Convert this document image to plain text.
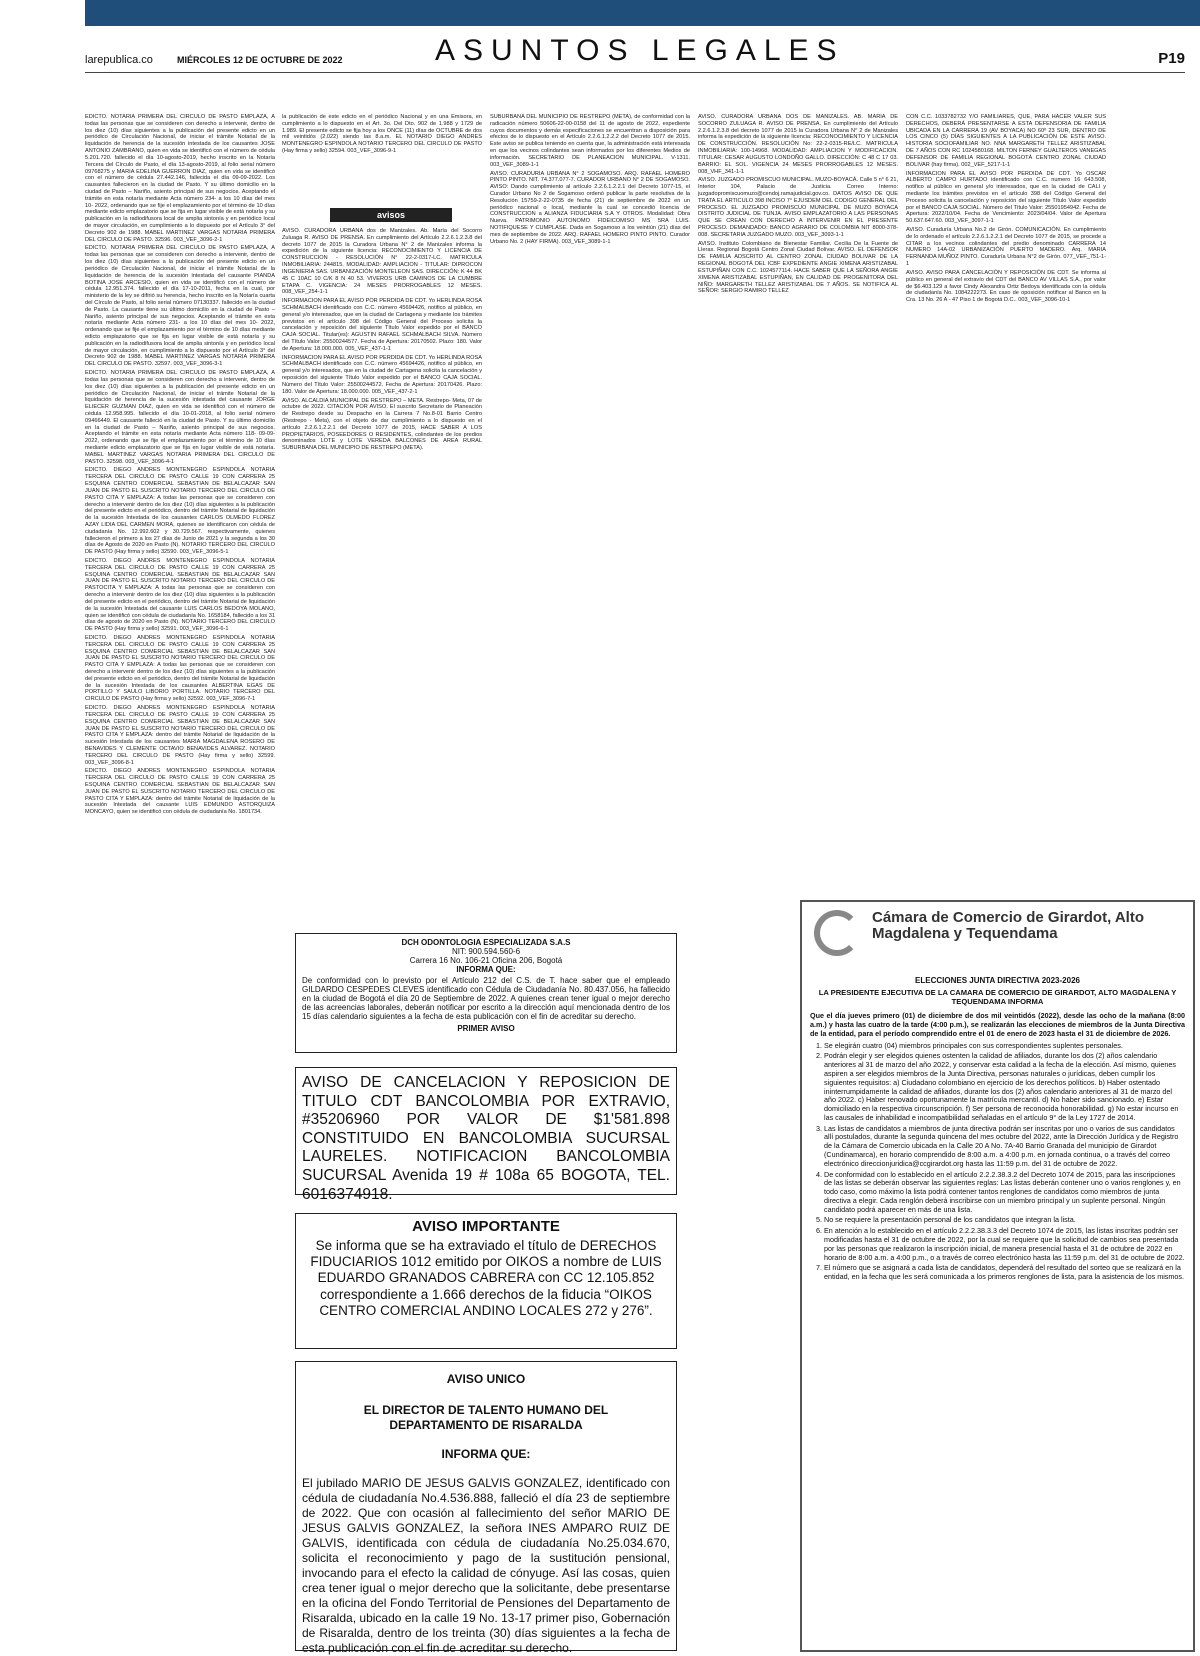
larepublica.co	MIÉRCOLES 12 DE OCTUBRE DE 2022	ASUNTOS LEGALES	P19

EDICTO. NOTARIA PRIMERA DEL CIRCULO DE PASTO EMPLAZA, A todas las personas que se consideren con derecho a intervenir, dentro de los diez (10) días siguientes a la publicación del presente edicto en un periódico de Circulación Nacional, de iniciar el trámite Notarial de la liquidación de herencia de la sucesión intestada de los causantes JOSE ANTONIO ZAMBRANO, quien en vida se identificó con el número de cédula 5.201.720. fallecido el día 10-agosto-2019, hecho inscrito en la Notaría Tercera del Círculo de Pasto, el día 13-agosto-2019, al folio serial número 09768275 y MARIA EDELINA GUERRON DIAZ, quien en vida se identificó con el número de cédula 27.442.146, fallecida el día 09-09-2022. Los causantes fallecieron en la ciudad de Pasto. Y su último domicilio en la ciudad de Pasto – Nariño, asiento principal de sus negocios. Aceptando el trámite en esta notaría mediante Acta número 234- a los 10 días del mes 10- 2022, ordenando que se fije el emplazamiento por el término de 10 días mediante edicto emplazatorio que se fija en lugar visible de está notaría y su publicación en la radiodifusora local de amplia sintonía y en periódico local de mayor circulación, en cumplimiento a lo dispuesto por el Artículo 3° del Decreto 902 de 1988. MABEL MARTINEZ VARGAS NOTARIA PRIMERA DEL CIRCULO DE PASTO. 32596. 003_VEF_3096-2-1

EDICTO. NOTARIA PRIMERA DEL CIRCULO DE PASTO EMPLAZA, A todas las personas que se consideren con derecho a intervenir, dentro de los diez (10) días siguientes a la publicación del presente edicto en un periódico de Circulación Nacional, de iniciar el trámite Notarial de la liquidación de herencia de la sucesión intestada del causante PIANDA BOTINA JOSE ARCESIO, quien en vida se identificó con el número de cédula 12.951.374. fallecido el día 17-10-2011, fecha en la cual, por ministerio de la ley se difirió su herencia, hecho inscrito en la Notaría cuarta del Círculo de Pasto, al folio serial número 07130337. fallecido en la ciudad de Pasto. La causante tiene su último domicilio en la ciudad de Pasto – Nariño, asiento principal de sus negocios. Aceptando el trámite en esta notaría mediante Acta número 231- a los 10 días del mes 10- 2022, ordenando que se fije el emplazamiento por el término de 10 días mediante edicto emplazatorio que se fija en lugar visible de está notaría y su publicación en la radiodifusora local de amplia sintonía y en periódico local de mayor circulación, en cumplimiento a lo dispuesto por el Artículo 3° del Decreto 902 de 1988. MABEL MARTINEZ VARGAS NOTARIA PRIMERA DEL CIRCULO DE PASTO. 32597. 003_VEF_3096-3-1

EDICTO. NOTARIA PRIMERA DEL CIRCULO DE PASTO EMPLAZA, A todas las personas que se consideren con derecho a intervenir, dentro de los diez (10) días siguientes a la publicación del presente edicto en un periódico de Circulación Nacional, de iniciar el trámite Notarial de la liquidación de herencia de la sucesión intestada del causante JORGE ELIECER GUZMAN DIAZ, quien en vida se identificó con el número de cédula 12.958.995. fallecido el día 10-01-2018, al folio serial número 09466449. El causante falleció en la ciudad de Pasto. Y su último domicilio en la ciudad de Pasto – Nariño, asiento principal de sus negocios. Aceptando el trámite en esta notaría mediante Acta número 118- 09-09-2022, ordenando que se fije el emplazamiento por el término de 10 días mediante edicto emplazatorio que se fija en lugar visible de está notaría. MABEL MARTINEZ VARGAS NOTARIA PRIMERA DEL CIRCULO DE PASTO. 32598. 003_VEF_3096-4-1

EDICTO. DIEGO ANDRES MONTENEGRO ESPINDOLA NOTARIA TERCERA DEL CIRCULO DE PASTO CALLE 19 CON CARRERA 25 ESQUINA CENTRO COMERCIAL SEBASTIAN DE BELALCAZAR SAN JUAN DE PASTO EL SUSCRITO NOTARIO TERCERO DEL CIRCULO DE PASTO CITA Y EMPLAZA: A todas las personas que se consideren con derecho a intervenir dentro de los diez (10) días siguientes a la publicación del presente edicto en el periódico, dentro del trámite Notarial de liquidación de la sucesión Intestada de los causantes CARLOS OLMEDO FLOREZ AZAY LIDIA DEL CARMEN MORA, quienes se identificaron con cédula de ciudadanía No. 12.992.602 y 30.729.567. respectivamente, quienes fallecieron el primero a los 27 días de Junio de 2021 y la segunda a los 30 días de Agosto de 2020 en Pasto (N). NOTARIO TERCERO DEL CIRCULO DE PASTO (Hay firma y sello) 32590. 003_VEF_3096-5-1

EDICTO. DIEGO ANDRES MONTENEGRO ESPINDOLA NOTARIA TERCERA DEL CIRCULO DE PASTO CALLE 19 CON CARRERA 25 ESQUINA CENTRO COMERCIAL SEBASTIAN DE BELALCAZAR SAN JUAN DE PASTO EL SUSCRITO NOTARIO TERCERO DEL CIRCULO DE PASTOCITA Y EMPLAZA: A todas las personas que se consideren con derecho a intervenir dentro de los diez (10) días siguientes a la publicación del presente edicto en el periódico, dentro del trámite Notarial de liquidación de la sucesión Intestada del causante LUIS CARLOS BEDOYA MOLANO, quien se identificó con cédula de ciudadanía No. 1658184, fallecido a los 31 días de agosto de 2020 en Pasto (N). NOTARIO TERCERO DEL CIRCULO DE PASTO (Hay firma y sello) 32591. 003_VEF_3096-6-1

EDICTO. DIEGO ANDRES MONTENEGRO ESPINDOLA NOTARIA TERCERA DEL CIRCULO DE PASTO CALLE 19 CON CARRERA 25 ESQUINA CENTRO COMERCIAL SEBASTIAN DE BELALCAZAR SAN JUAN DE PASTO EL SUSCRITO NOTARIO TERCERO DEL CIRCULO DE PASTO CITA Y EMPLAZA: A todas las personas que se consideren con derecho a intervenir dentro de los diez (10) días siguientes a la publicación del presente edicto en el periódico, dentro del trámite Notarial de liquidación de la sucesión Intestada de los causantes ALBERTINA EGAS DE PORTILLO Y SAULO LIBORIO PORTILLA. NOTARIO TERCERO DEL CIRCULO DE PASTO (Hay firma y sello) 32592. 003_VEF_3096-7-1

EDICTO. DIEGO ANDRES MONTENEGRO ESPINDOLA NOTARIA TERCERA DEL CIRCULO DE PASTO CALLE 19 CON CARRERA 25 ESQUINA CENTRO COMERCIAL SEBASTIAN DE BELALCAZAR SAN JUAN DE PASTO EL SUSCRITO NOTARIO TERCERO DEL CIRCULO DE PASTO CITA Y EMPLAZA: dentro del trámite Notarial de liquidación de la sucesión Intestada de los causantes MARIA MAGDALENA ROSERO DE BENAVIDES Y CLEMENTE OCTAVIO BENAVIDES ALVAREZ. NOTARIO TERCERO DEL CIRCULO DE PASTO (Hay firma y sello) 32599. 003_VEF_3096-8-1

EDICTO. DIEGO ANDRES MONTENEGRO ESPINDOLA NOTARIA TERCERA DEL CIRCULO DE PASTO CALLE 19 CON CARRERA 25 ESQUINA CENTRO COMERCIAL SEBASTIAN DE BELALCAZAR SAN JUAN DE PASTO EL SUSCRITO NOTARIO TERCERO DEL CIRCULO DE PASTO CITA Y EMPLAZA: dentro del trámite Notarial de liquidación de la sucesión Intestada del causante LUIS EDMUNDO ASTORQUIZA MONCAYO, quien se identificó con cédula de ciudadanía No. 1801734.

la publicación de este edicto en el periódico Nacional y en una Emisora, en cumplimiento a lo dispuesto en el Art. 3o. Del Dto. 902 de 1.988 y 1729 de 1.989. El presente edicto se fija hoy a los ONCE (11) días de OCTUBRE de dos mil veintidós (2.022) siendo las 8.a.m. EL NOTARIO DIEGO ANDRES MONTENEGRO ESPINDOLA NOTARIO TERCERO DEL CIRCULO DE PASTO (Hay firma y sello) 32594. 003_VEF_3096-9-1

avisos

AVISO. CURADORA URBANA dos de Manizales. Ab. María del Socorro Zuluaga R. AVISO DE PRENSA. En cumplimiento del Artículo 2.2.6.1.2.3.8 del decreto 1077 de 2015 la Curadora Urbana N° 2 de Manizales informa la expedición de la siguiente licencia: RECONOCIMIENTO Y LICENCIA DE CONSTRUCCION - RESOLUCIÓN N° 22-2-0317-LC. MATRICULA INMOBILIARIA: 244815. MODALIDAD: AMPLIACION - TITULAR: DIPROCON INGENIERIA SAS. URBANIZACIÓN MONTELEON SAS. DIRECCIÓN: K 44 BK 45 C 10AC 10 C/K 8 N 40 53. VIVEROS URB CAMINOS DE LA CUMBRE ETAPA C. VIGENCIA: 24 MESES PRORROGABLES 12 MESES. 008_VEF_254-1-1

INFORMACION PARA EL AVISO POR PERDIDA DE CDT. Yo HERLINDA ROSA SCHMALBACH identificado con C.C. número 45694426, notifico al público, en general y/o interesados, que en la ciudad de Cartagena y mediante los trámites previstos en el artículo 398 del Código General del Proceso solicita la cancelación y reposición del siguiente Título Valor expedido por el BANCO CAJA SOCIAL. Titular(es): AGUSTIN RAFAEL SCHMALBACH SILVA. Número del Título Valor: 25500244577. Fecha de Apertura: 20170502. Plazo: 180. Valor de Apertura: 18.000.000. 005_VEF_437-1-1

INFORMACION PARA EL AVISO POR PERDIDA DE CDT. Yo HERLINDA ROSA SCHMALBACH identificado con C.C. número 45694426, notifico al público, en general y/o interesados, que en la ciudad de Cartagena solicita la cancelación y reposición del siguiente Título Valor expedido por el BANCO CAJA SOCIAL. Número del Título Valor: 25500244572. Fecha de Apertura: 20170426. Plazo: 180. Valor de Apertura: 18.000.000. 005_VEF_437-2-1

AVISO. ALCALDIA MUNICIPAL DE RESTREPO – META. Restrepo- Meta, 07 de octubre de 2022. CITACIÓN POR AVISO. El suscrito Secretario de Planeación de Restrepo desde su Despacho en la Carrera 7 No.8-01 Barrio Centro (Restrepo - Meta), con el objeto de dar cumplimiento a lo dispuesto en el artículo 2.2.6.1.2.2.1 del Decreto 1077 de 2015, HACE SABER A LOS PROPIETARIOS, POSEEDORES O RESIDENTES, colindantes de los predios denominados LOTE y LOTE VEREDA BALCONES DE AREA RURAL SUBURBANA DEL MUNICIPIO DE RESTREPO (META).

SUBURBANA DEL MUNICIPIO DE RESTREPO (META), de conformidad con la radicación número 50606-22-00-0158 del 11 de agosto de 2022, expediente cuyos documentos y demás especificaciones se encuentran a disposición para efectos de lo dispuesto en el Artículo 2.2.6.1.2.2.2 del Decreto 1077 de 2015. Este aviso se publica teniendo en cuenta que, la administración está interesada en que los vecinos colindantes sean informados por los diferentes Medios de información. SECRETARIO DE PLANEACION MUNICIPAL. V-1311. 003_VEF_3089-1-1

AVISO. CURADURIA URBANA N° 2 SOGAMOSO. ARQ. RAFAEL HOMERO PINTO PINTO. NIT. 74.377.077-7. CURADOR URBANO N° 2 DE SOGAMOSO. AVISO: Dando cumplimiento al artículo 2.2.6.1.2.2.1 del Decreto 1077-15, el Curador Urbano No 2 de Sogamoso ordenó publicar la parte resolutiva de la Resolución 15759-2-22-0735 de fecha (21) de septiembre de 2022 en un periódico nacional o local, mediante la cual se concedió licencia de CONSTRUCCION a ALIANZA FIDUCIARIA S.A Y OTROS. Modalidad: Obra Nueva. PATRIMONIO AUTONOMO FIDEICOMISO MS 5RA LUIS. NOTIFIQUESE Y CUMPLASE. Dada en Sogamoso a los veintiún (21) días del mes de septiembre de 2022. ARQ. RAFAEL HOMERO PINTO PINTO. Curador Urbano No. 2 (HAY FIRMA). 003_VEF_3089-1-1

AVISO. CURADORA URBANA DOS DE MANIZALES. AB. MARIA DE SOCORRO ZULUAGA R. AVISO DE PRENSA. En cumplimiento del Artículo 2.2.6.1.2.3.8 del decreto 1077 de 2015 la Curadora Urbana N° 2 de Manizales informa la expedición de la siguiente licencia: RECONOCIMIENTO Y LICENCIA DE CONSTRUCCIÓN. RESOLUCIÓN No: 22-2-0315-RE/LC. MATRICULA INMOBILIARIA: 100-14968. MODALIDAD: AMPLIACION Y MODIFICACION. TITULAR: CESAR AUGUSTO LONDOÑO GALLO. DIRECCIÓN: C 48 C 17 03. BARRIO: EL SOL. VIGENCIA 24 MESES PRORROGABLES 12 MESES. 008_VHF_341-1-1

AVISO. JUZGADO PROMISCUO MUNICIPAL. MUZO-BOYACÁ. Calle 5 n° 6 21, Interior 104, Palacio de Justicia. Correo Interno: juzgadopromiscuomuzo@cendoj.ramajudicial.gov.co. DATOS AVISO DE QUE TRATA EL ARTICULO 398 INCISO 7° EJUSDEM DEL CODIGO GENERAL DEL PROCESO. EL JUZGADO PROMISCUO MUNICIPAL DE MUZO BOYACA DISTRITO JUDICIAL DE TUNJA. AVISO EMPLAZATORIO A LAS PERSONAS QUE SE CREAN CON DERECHO A INTERVENIR EN EL PRESENTE PROCESO. DEMANDADO: BANCO AGRARIO DE COLOMBIA NIT 8000-378-008. SECRETARIA JUZGADO MUZO. 003_VEF_3093-1-1

AVISO. Instituto Colombiano de Bienestar Familiar. Cecilia De la Fuente de Lleras. Regional Bogotá Centro Zonal Ciudad Bolívar. AVISO. EL DEFENSOR DE FAMILIA ADSCRITO AL CENTRO ZONAL CIUDAD BOLIVAR DE LA REGIONAL BOGOTÁ DEL ICBF EXPEDIENTE ANGIE XIMENA ARISTIZABAL ESTUPIÑAN CON C.C. 1024577114. HACE SABER QUE LA SEÑORA ANGIE XIMENA ARISTIZABAL ESTUPIÑAN, EN CALIDAD DE PROGENITORA DEL NIÑO: MARGARETH TELLEZ ARISTIZABAL DE 7 AÑOS. SE NOTIFICA AL SEÑOR: SERGIO RAMIRO TELLEZ

CON C.C. 1033782732 Y/O FAMILIARES, QUE, PARA HACER VALER SUS DERECHOS, DEBERÁ PRESENTARSE A ESTA DEFENSORIA DE FAMILIA UBICADA EN LA CARRERA 19 (AV BOYACA) NO 60º 23 SUR, DENTRO DE LOS CINCO (5) DÍAS SIGUIENTES A LA PUBLICACIÓN DE ESTE AVISO. HISTORIA SOCIOFAMILIAR NO. NNA MARGARETH TELLEZ ARISTIZABAL DE 7 AÑOS CON RC 1024580168. MILTON FERNEY GUALTEROS VANEGAS DEFENSOR DE FAMILIA REGIONAL BOGOTÁ CENTRO ZONAL CIUDAD BOLIVAR (hay firma). 002_VEF_5217-1-1

INFORMACION PARA EL AVISO POR PERDIDA DE CDT. Yo OSCAR ALBERTO CAMPO HURTADO identificado con C.C. numero 16 643.508, notifico al público en general y/o interesados, que en la ciudad de CALI y mediante los trámites previstos en el artículo 398 del Código General del Proceso solicita la cancelación y reposición del siguiente Título Valor expedido por el BANCO CAJA SOCIAL. Número del Título Valor: 25501954942. Fecha de Apertura: 2022/10/04. Fecha de Vencimiento: 2023/04/04. Valor de Apertura 50.637.647.60. 003_VEF_3097-1-1

AVISO. Curaduría Urbana No.2 de Girón. COMUNICACIÓN. En cumplimiento de lo ordenado el artículo 2.2.6.1.2.2.1 del Decreto 1077 de 2015, se procede a CITAR a los vecinos colindantes del predio denominado CARRERA 14 NUMERO 14A-02 URBANIZACIÓN PUERTO MADERO. Arq. MARIA FERNANDA MUÑOZ PINTO. Curaduría Urbana N°2 de Girón. 077_VEF_751-1-1

AVISO. AVISO PARA CANCELACIÓN Y REPOSICIÓN DE CDT. Se informa al público en general del extravío del CDT del BANCO AV VILLAS S.A., por valor de $6.403.129 a favor Cindy Alexandra Ortiz Bedoya identificada con la cédula de ciudadanía No. 1084222273. En caso de oposición notificar al Banco en la Cra. 13 No. 26 A - 47 Piso 1 de Bogotá D.C.. 003_VEF_3096-10-1

DCH ODONTOLOGIA ESPECIALIZADA S.A.S
NIT: 900.594.560-6
Carrera 16 No. 106-21 Oficina 206, Bogotá
INFORMA QUE:
De conformidad con lo previsto por el Artículo 212 del C.S. de T. hace saber que el empleado GILDARDO CESPEDES CLEVES identificado con Cédula de Ciudadanía No. 80.437.056, ha fallecido en la ciudad de Bogotá el día 20 de Septiembre de 2022. A quienes crean tener igual o mejor derecho de las acreencias laborales, deberán notificar por escrito a la dirección aquí mencionada dentro de los 15 días calendario siguientes a la fecha de esta publicación con el fin de acreditar su derecho.
PRIMER AVISO
AVISO DE CANCELACION Y REPOSICION DE TITULO CDT BANCOLOMBIA POR EXTRAVIO, #35206960 POR VALOR DE $1'581.898 CONSTITUIDO EN BANCOLOMBIA SUCURSAL LAURELES. NOTIFICACION BANCOLOMBIA SUCURSAL Avenida 19 # 108a 65 BOGOTA, TEL. 6016374918.
AVISO IMPORTANTE
Se informa que se ha extraviado el título de DERECHOS FIDUCIARIOS 1012 emitido por OIKOS a nombre de LUIS EDUARDO GRANADOS CABRERA con CC 12.105.852 correspondiente a 1.666 derechos de la fiducia “OIKOS CENTRO COMERCIAL ANDINO LOCALES 272 y 276”.
AVISO UNICO
EL DIRECTOR DE TALENTO HUMANO DEL DEPARTAMENTO DE RISARALDA
INFORMA QUE:
El jubilado MARIO DE JESUS GALVIS GONZALEZ, identificado con cédula de ciudadanía No.4.536.888, falleció el día 23 de septiembre de 2022. Que con ocasión al fallecimiento del señor MARIO DE JESUS GALVIS GONZALEZ, la señora INES AMPARO RUIZ DE GALVIS, identificada con cédula de ciudadanía No.25.034.670, solicita el reconocimiento y pago de la sustitución pensional, invocando para el efecto la calidad de cónyuge. Así las cosas, quien crea tener igual o mejor derecho que la solicitante, debe presentarse en la oficina del Fondo Territorial de Pensiones del Departamento de Risaralda, ubicado en la calle 19 No. 13-17 primer piso, Gobernación de Risaralda, dentro de los treinta (30) días siguientes a la fecha de esta publicación con el fin de acreditar su derecho.
Cámara de Comercio de Girardot, Alto Magdalena y Tequendama
ELECCIONES JUNTA DIRECTIVA 2023-2026
LA PRESIDENTE EJECUTIVA DE LA CAMARA DE COMERCIO DE GIRARDOT, ALTO MAGDALENA Y TEQUENDAMA INFORMA
Que el día jueves primero (01) de diciembre de dos mil veintidós (2022), desde las ocho de la mañana (8:00 a.m.) y hasta las cuatro de la tarde (4:00 p.m.), se realizarán las elecciones de miembros de la Junta Directiva de la entidad, para el período comprendido entre el 01 de enero de 2023 hasta el 31 de diciembre de 2026.
1. Se elegirán cuatro (04) miembros principales con sus correspondientes suplentes personales.
2. Podrán elegir y ser elegidos quienes ostenten la calidad de afiliados, durante los dos (2) años calendario anteriores al 31 de marzo del año 2022, y conservar esta calidad a la fecha de la elección. Así mismo, quienes aspiren a ser elegidos miembros de la Junta Directiva, personas naturales o jurídicas, deben cumplir los siguientes requisitos: a) Ciudadano colombiano en ejercicio de los derechos políticos. b) Haber ostentado ininterrumpidamente la calidad de afiliados, durante los dos (2) años calendario anteriores al 31 de marzo del año 2022. c) Haber renovado oportunamente la matrícula mercantil. d) No haber sido sancionado. e) Estar domiciliado en la respectiva circunscripción. f) Ser persona de reconocida honorabilidad. g) No estar incurso en las causales de inhabilidad e incompatibilidad señaladas en el artículo 9° de la Ley 1727 de 2014.
3. Las listas de candidatos a miembros de junta directiva podrán ser inscritas por uno o varios de sus candidatos allí postulados, durante la segunda quincena del mes octubre del 2022, ante la Dirección Jurídica y de Registro de la Cámara de Comercio ubicada en la Calle 20 A No. 7A-40 Barrio Granada del municipio de Girardot (Cundinamarca), en horario comprendido de 8:00 a.m. a 4:00 p.m. en jornada continua, o a través del correo electrónico direccionjuridica@ccgirardot.org hasta las 11:59 p.m. del 31 de octubre de 2022.
4. De conformidad con lo establecido en el artículo 2.2.2.38.3.2 del Decreto 1074 de 2015, para las inscripciones de las listas se deberán observar las siguientes reglas: Las listas deberán contener uno o varios renglones y, en todo caso, como máximo la lista podrá contener tantos renglones de candidatos como miembros de junta directiva a elegir. Cada renglón deberá inscribirse con un miembro principal y un suplente personal. Ningún candidato podrá aparecer en más de una lista.
5. No se requiere la presentación personal de los candidatos que integran la lista.
6. En atención a lo establecido en el artículo 2.2.2.38.3.3 del Decreto 1074 de 2015, las listas inscritas podrán ser modificadas hasta el 31 de octubre de 2022, por la cual se requiere que la solicitud de cambios sea presentada por las personas que realizaron la inscripción inicial, de manera presencial hasta el 31 de octubre de 2022 en horario de 8:00 a.m. a 4:00 p.m., o a través de correo electrónico hasta las 11:59 p.m. del 31 de octubre de 2022.
7. El número que se asignará a cada lista de candidatos, dependerá del resultado del sorteo que se realizará en la entidad, en la fecha que les será comunicada a los primeros renglones de lista, para la asistencia de los mismos.
